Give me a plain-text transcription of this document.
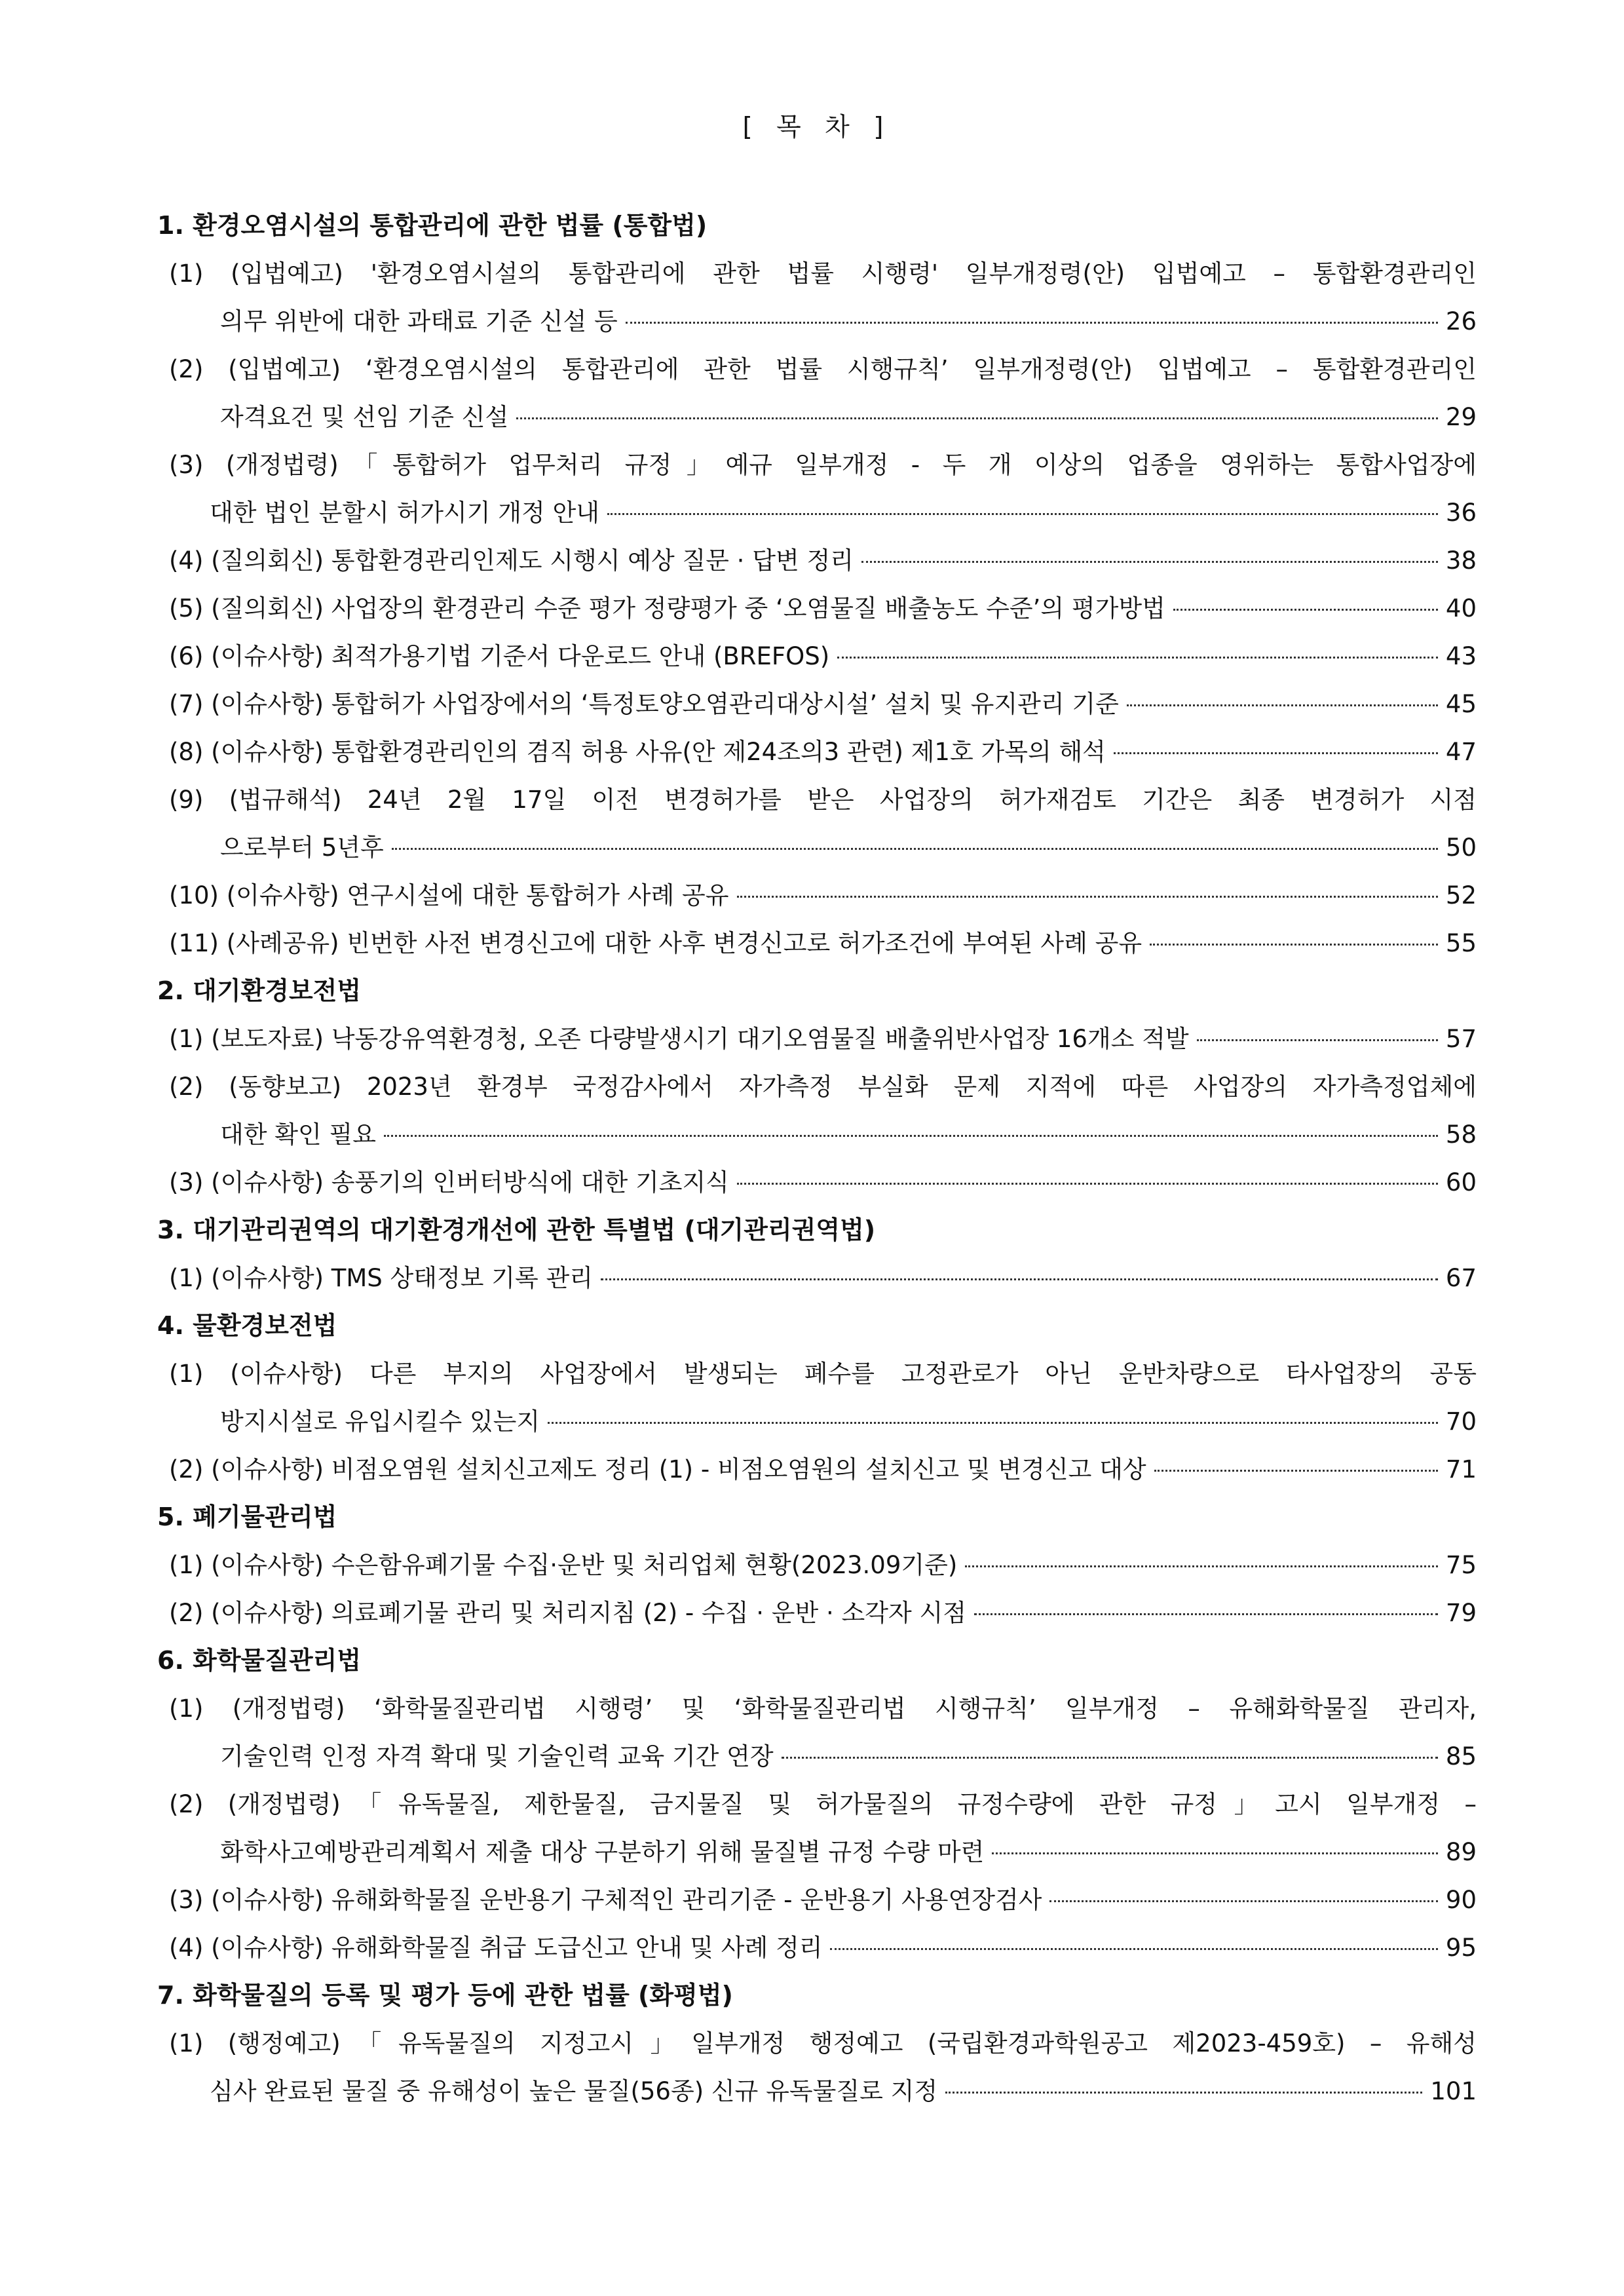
[ 목 차 ]
1. 환경오염시설의 통합관리에 관한 법률 (통합법)
(1) (입법예고) '환경오염시설의 통합관리에 관한 법률 시행령' 일부개정령(안) 입법예고 – 통합환경관리인
의무 위반에 대한 과태료 기준 신설 등	26
(2) (입법예고) ‘환경오염시설의 통합관리에 관한 법률 시행규칙’ 일부개정령(안) 입법예고 – 통합환경관리인
자격요건 및 선임 기준 신설	29
(3) (개정법령)「통합허가 업무처리 규정」예규 일부개정 - 두 개 이상의 업종을 영위하는 통합사업장에
대한 법인 분할시 허가시기 개정 안내	36
(4) (질의회신) 통합환경관리인제도 시행시 예상 질문 · 답변 정리	38
(5) (질의회신) 사업장의 환경관리 수준 평가 정량평가 중 ‘오염물질 배출농도 수준’의 평가방법	40
(6) (이슈사항) 최적가용기법 기준서 다운로드 안내 (BREFOS)	43
(7) (이슈사항) 통합허가 사업장에서의 ‘특정토양오염관리대상시설’ 설치 및 유지관리 기준	45
(8) (이슈사항) 통합환경관리인의 겸직 허용 사유(안 제24조의3 관련) 제1호 가목의 해석	47
(9) (법규해석) 24년 2월 17일 이전 변경허가를 받은 사업장의 허가재검토 기간은 최종 변경허가 시점
으로부터 5년후	50
(10) (이슈사항) 연구시설에 대한 통합허가 사례 공유	52
(11) (사례공유) 빈번한 사전 변경신고에 대한 사후 변경신고로 허가조건에 부여된 사례 공유	55
2. 대기환경보전법
(1) (보도자료) 낙동강유역환경청, 오존 다량발생시기 대기오염물질 배출위반사업장 16개소 적발	57
(2) (동향보고) 2023년 환경부 국정감사에서 자가측정 부실화 문제 지적에 따른 사업장의 자가측정업체에
대한 확인 필요	58
(3) (이슈사항) 송풍기의 인버터방식에 대한 기초지식	60
3. 대기관리권역의 대기환경개선에 관한 특별법 (대기관리권역법)
(1) (이슈사항) TMS 상태정보 기록 관리	67
4. 물환경보전법
(1) (이슈사항) 다른 부지의 사업장에서 발생되는 폐수를 고정관로가 아닌 운반차량으로 타사업장의 공동
방지시설로 유입시킬수 있는지	70
(2) (이슈사항) 비점오염원 설치신고제도 정리 (1) - 비점오염원의 설치신고 및 변경신고 대상	71
5. 폐기물관리법
(1) (이슈사항) 수은함유폐기물 수집·운반 및 처리업체 현황(2023.09기준)	75
(2) (이슈사항) 의료폐기물 관리 및 처리지침 (2) - 수집 · 운반 · 소각자 시점	79
6. 화학물질관리법
(1) (개정법령) ‘화학물질관리법 시행령’ 및 ‘화학물질관리법 시행규칙’ 일부개정 – 유해화학물질 관리자,
기술인력 인정 자격 확대 및 기술인력 교육 기간 연장	85
(2) (개정법령)「유독물질, 제한물질, 금지물질 및 허가물질의 규정수량에 관한 규정」고시 일부개정 –
화학사고예방관리계획서 제출 대상 구분하기 위해 물질별 규정 수량 마련	89
(3) (이슈사항) 유해화학물질 운반용기 구체적인 관리기준 - 운반용기 사용연장검사	90
(4) (이슈사항) 유해화학물질 취급 도급신고 안내 및 사례 정리	95
7. 화학물질의 등록 및 평가 등에 관한 법률 (화평법)
(1) (행정예고)「유독물질의 지정고시」일부개정 행정예고 (국립환경과학원공고 제2023-459호) – 유해성
심사 완료된 물질 중 유해성이 높은 물질(56종) 신규 유독물질로 지정	101
